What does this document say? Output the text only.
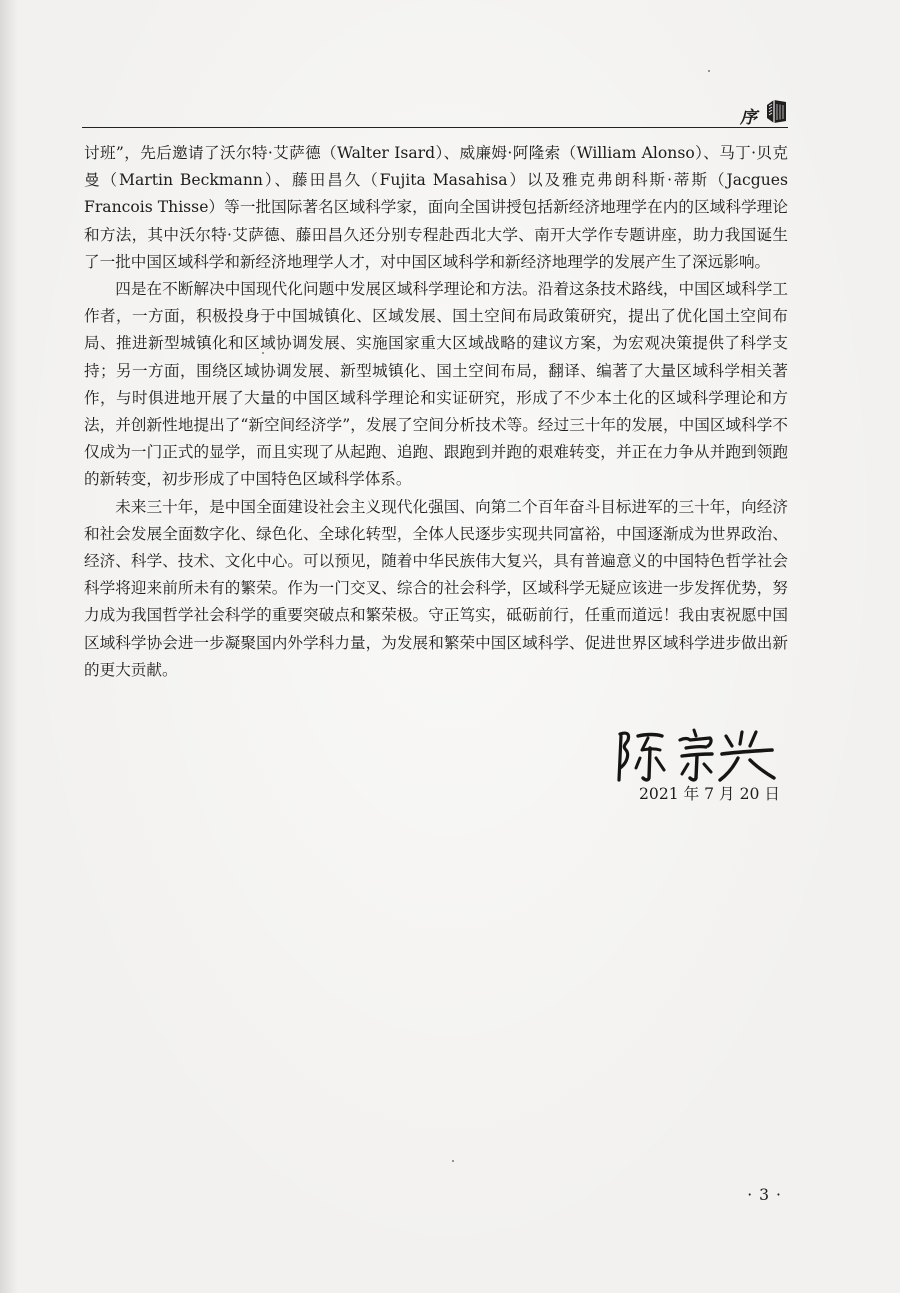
序

讨班”，先后邀请了沃尔特·艾萨德（Walter Isard）、威廉姆·阿隆索（William Alonso）、马丁·贝克曼（Martin Beckmann）、藤田昌久（Fujita Masahisa）以及雅克弗朗科斯·蒂斯（Jacgues Francois Thisse）等一批国际著名区域科学家，面向全国讲授包括新经济地理学在内的区域科学理论和方法，其中沃尔特·艾萨德、藤田昌久还分别专程赴西北大学、南开大学作专题讲座，助力我国诞生了一批中国区域科学和新经济地理学人才，对中国区域科学和新经济地理学的发展产生了深远影响。

四是在不断解决中国现代化问题中发展区域科学理论和方法。沿着这条技术路线，中国区域科学工作者，一方面，积极投身于中国城镇化、区域发展、国土空间布局政策研究，提出了优化国土空间布局、推进新型城镇化和区域协调发展、实施国家重大区域战略的建议方案，为宏观决策提供了科学支持；另一方面，围绕区域协调发展、新型城镇化、国土空间布局，翻译、编著了大量区域科学相关著作，与时俱进地开展了大量的中国区域科学理论和实证研究，形成了不少本土化的区域科学理论和方法，并创新性地提出了“新空间经济学”，发展了空间分析技术等。经过三十年的发展，中国区域科学不仅成为一门正式的显学，而且实现了从起跑、追跑、跟跑到并跑的艰难转变，并正在力争从并跑到领跑的新转变，初步形成了中国特色区域科学体系。

未来三十年，是中国全面建设社会主义现代化强国、向第二个百年奋斗目标进军的三十年，向经济和社会发展全面数字化、绿色化、全球化转型，全体人民逐步实现共同富裕，中国逐渐成为世界政治、经济、科学、技术、文化中心。可以预见，随着中华民族伟大复兴，具有普遍意义的中国特色哲学社会科学将迎来前所未有的繁荣。作为一门交叉、综合的社会科学，区域科学无疑应该进一步发挥优势，努力成为我国哲学社会科学的重要突破点和繁荣极。守正笃实，砥砺前行，任重而道远！我由衷祝愿中国区域科学协会进一步凝聚国内外学科力量，为发展和繁荣中国区域科学、促进世界区域科学进步做出新的更大贡献。

2021 年 7 月 20 日
· 3 ·
